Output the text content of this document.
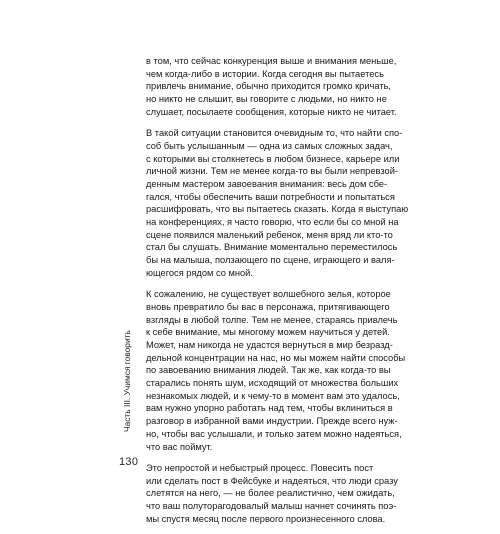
в том, что сейчас конкуренция выше и внимания меньше,
чем когда-либо в истории. Когда сегодня вы пытаетесь
привлечь внимание, обычно приходится громко кричать,
но никто не слышит, вы говорите с людьми, но никто не
слушает, посылаете сообщения, которые никто не читает.
В такой ситуации становится очевидным то, что найти спо-
соб быть услышанным — одна из самых сложных задач,
с которыми вы столкнетесь в любом бизнесе, карьере или
личной жизни. Тем не менее когда-то вы были непревзой-
денным мастером завоевания внимания: весь дом сбе-
гался, чтобы обеспечить ваши потребности и попытаться
расшифровать, что вы пытаетесь сказать. Когда я выступаю
на конференциях, я часто говорю, что если бы со мной на
сцене появился маленький ребенок, меня вряд ли кто-то
стал бы слушать. Внимание моментально переместилось
бы на малыша, ползающего по сцене, играющего и валя-
ющегося рядом со мной.
К сожалению, не существует волшебного зелья, которое
вновь превратило бы вас в персонажа, притягивающего
взгляды в любой толпе. Тем не менее, стараясь привлечь
к себе внимание, мы многому можем научиться у детей.
Может, нам никогда не удастся вернуться в мир безразд-
дельной концентрации на нас, но мы можем найти способы
по завоеванию внимания людей. Так же, как когда-то вы
старались понять шум, исходящий от множества больших
незнакомых людей, и к чему-то в момент вам это удалось,
вам нужно упорно работать над тем, чтобы вклиниться в
разговор в избранной вами индустрии. Прежде всего нуж-
но, чтобы вас услышали, и только затем можно надеяться,
что вас поймут.
Это непростой и небыстрый процесс. Повесить пост
или сделать пост в Фейсбуке и надеяться, что люди сразу
слетятся на него, — не более реалистично, чем ожидать,
что ваш полуторагодовалый малыш начнет сочинять поэ-
мы спустя месяц после первого произнесенного слова.
Часть III. Учимся говорить
130
